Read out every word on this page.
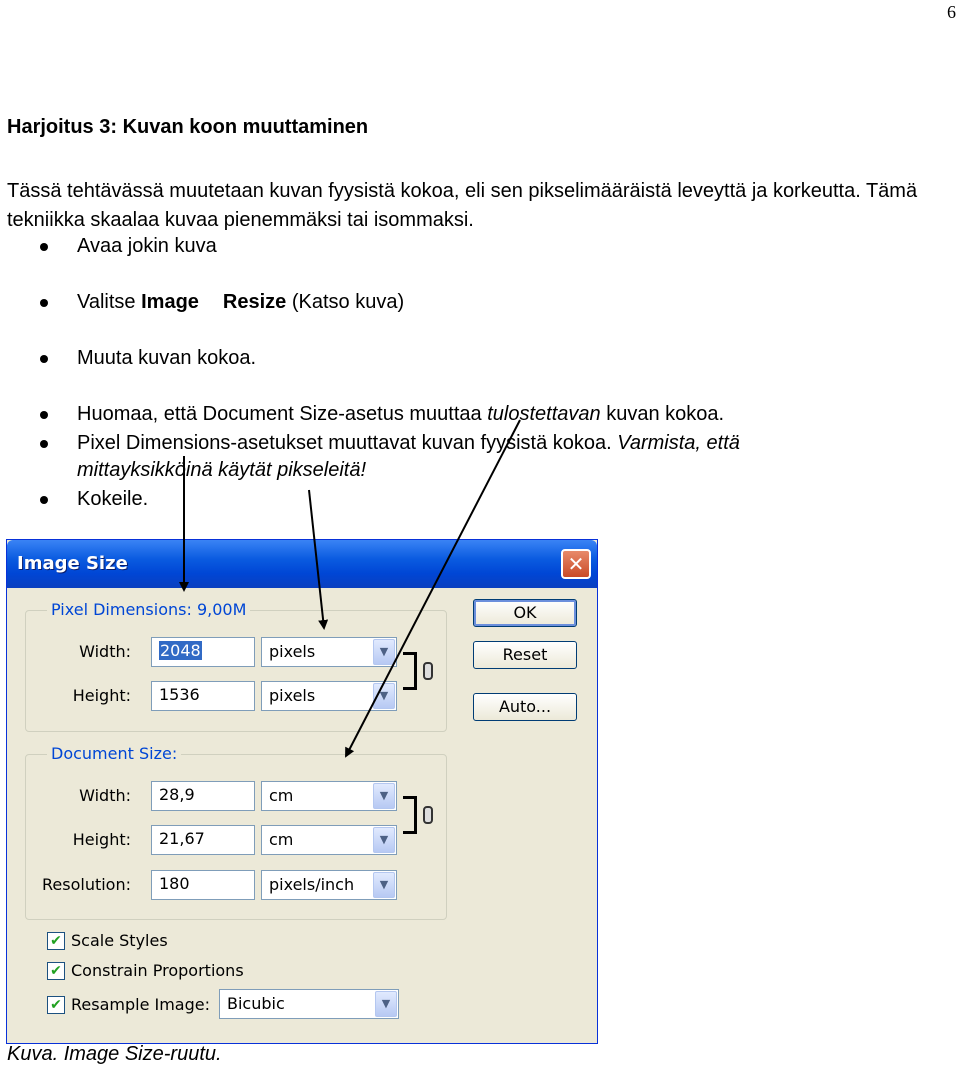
6
Harjoitus 3: Kuvan koon muuttaminen
Tässä tehtävässä muutetaan kuvan fyysistä kokoa, eli sen pikselimääräistä leveyttä ja korkeutta. Tämä tekniikka skaalaa kuvaa pienemmäksi tai isommaksi.
Avaa jokin kuva
Valitse Image Resize (Katso kuva)
Muuta kuvan kokoa.
Huomaa, että Document Size-asetus muuttaa tulostettavan kuvan kokoa.
Pixel Dimensions-asetukset muuttavat kuvan fyysistä kokoa. Varmista, että
mittayksikköinä käytät pikseleitä!
Kokeile.
Image Size	✕
Pixel Dimensions: 9,00M
Width:	2048	pixels	▼
Height:	1536	pixels	▼
Document Size:
Width:	28,9	cm	▼
Height:	21,67	cm	▼
Resolution:	180	pixels/inch	▼
OK
Reset
Auto...
✔ Scale Styles
✔ Constrain Proportions
✔ Resample Image:	Bicubic	▼
Kuva. Image Size-ruutu.
